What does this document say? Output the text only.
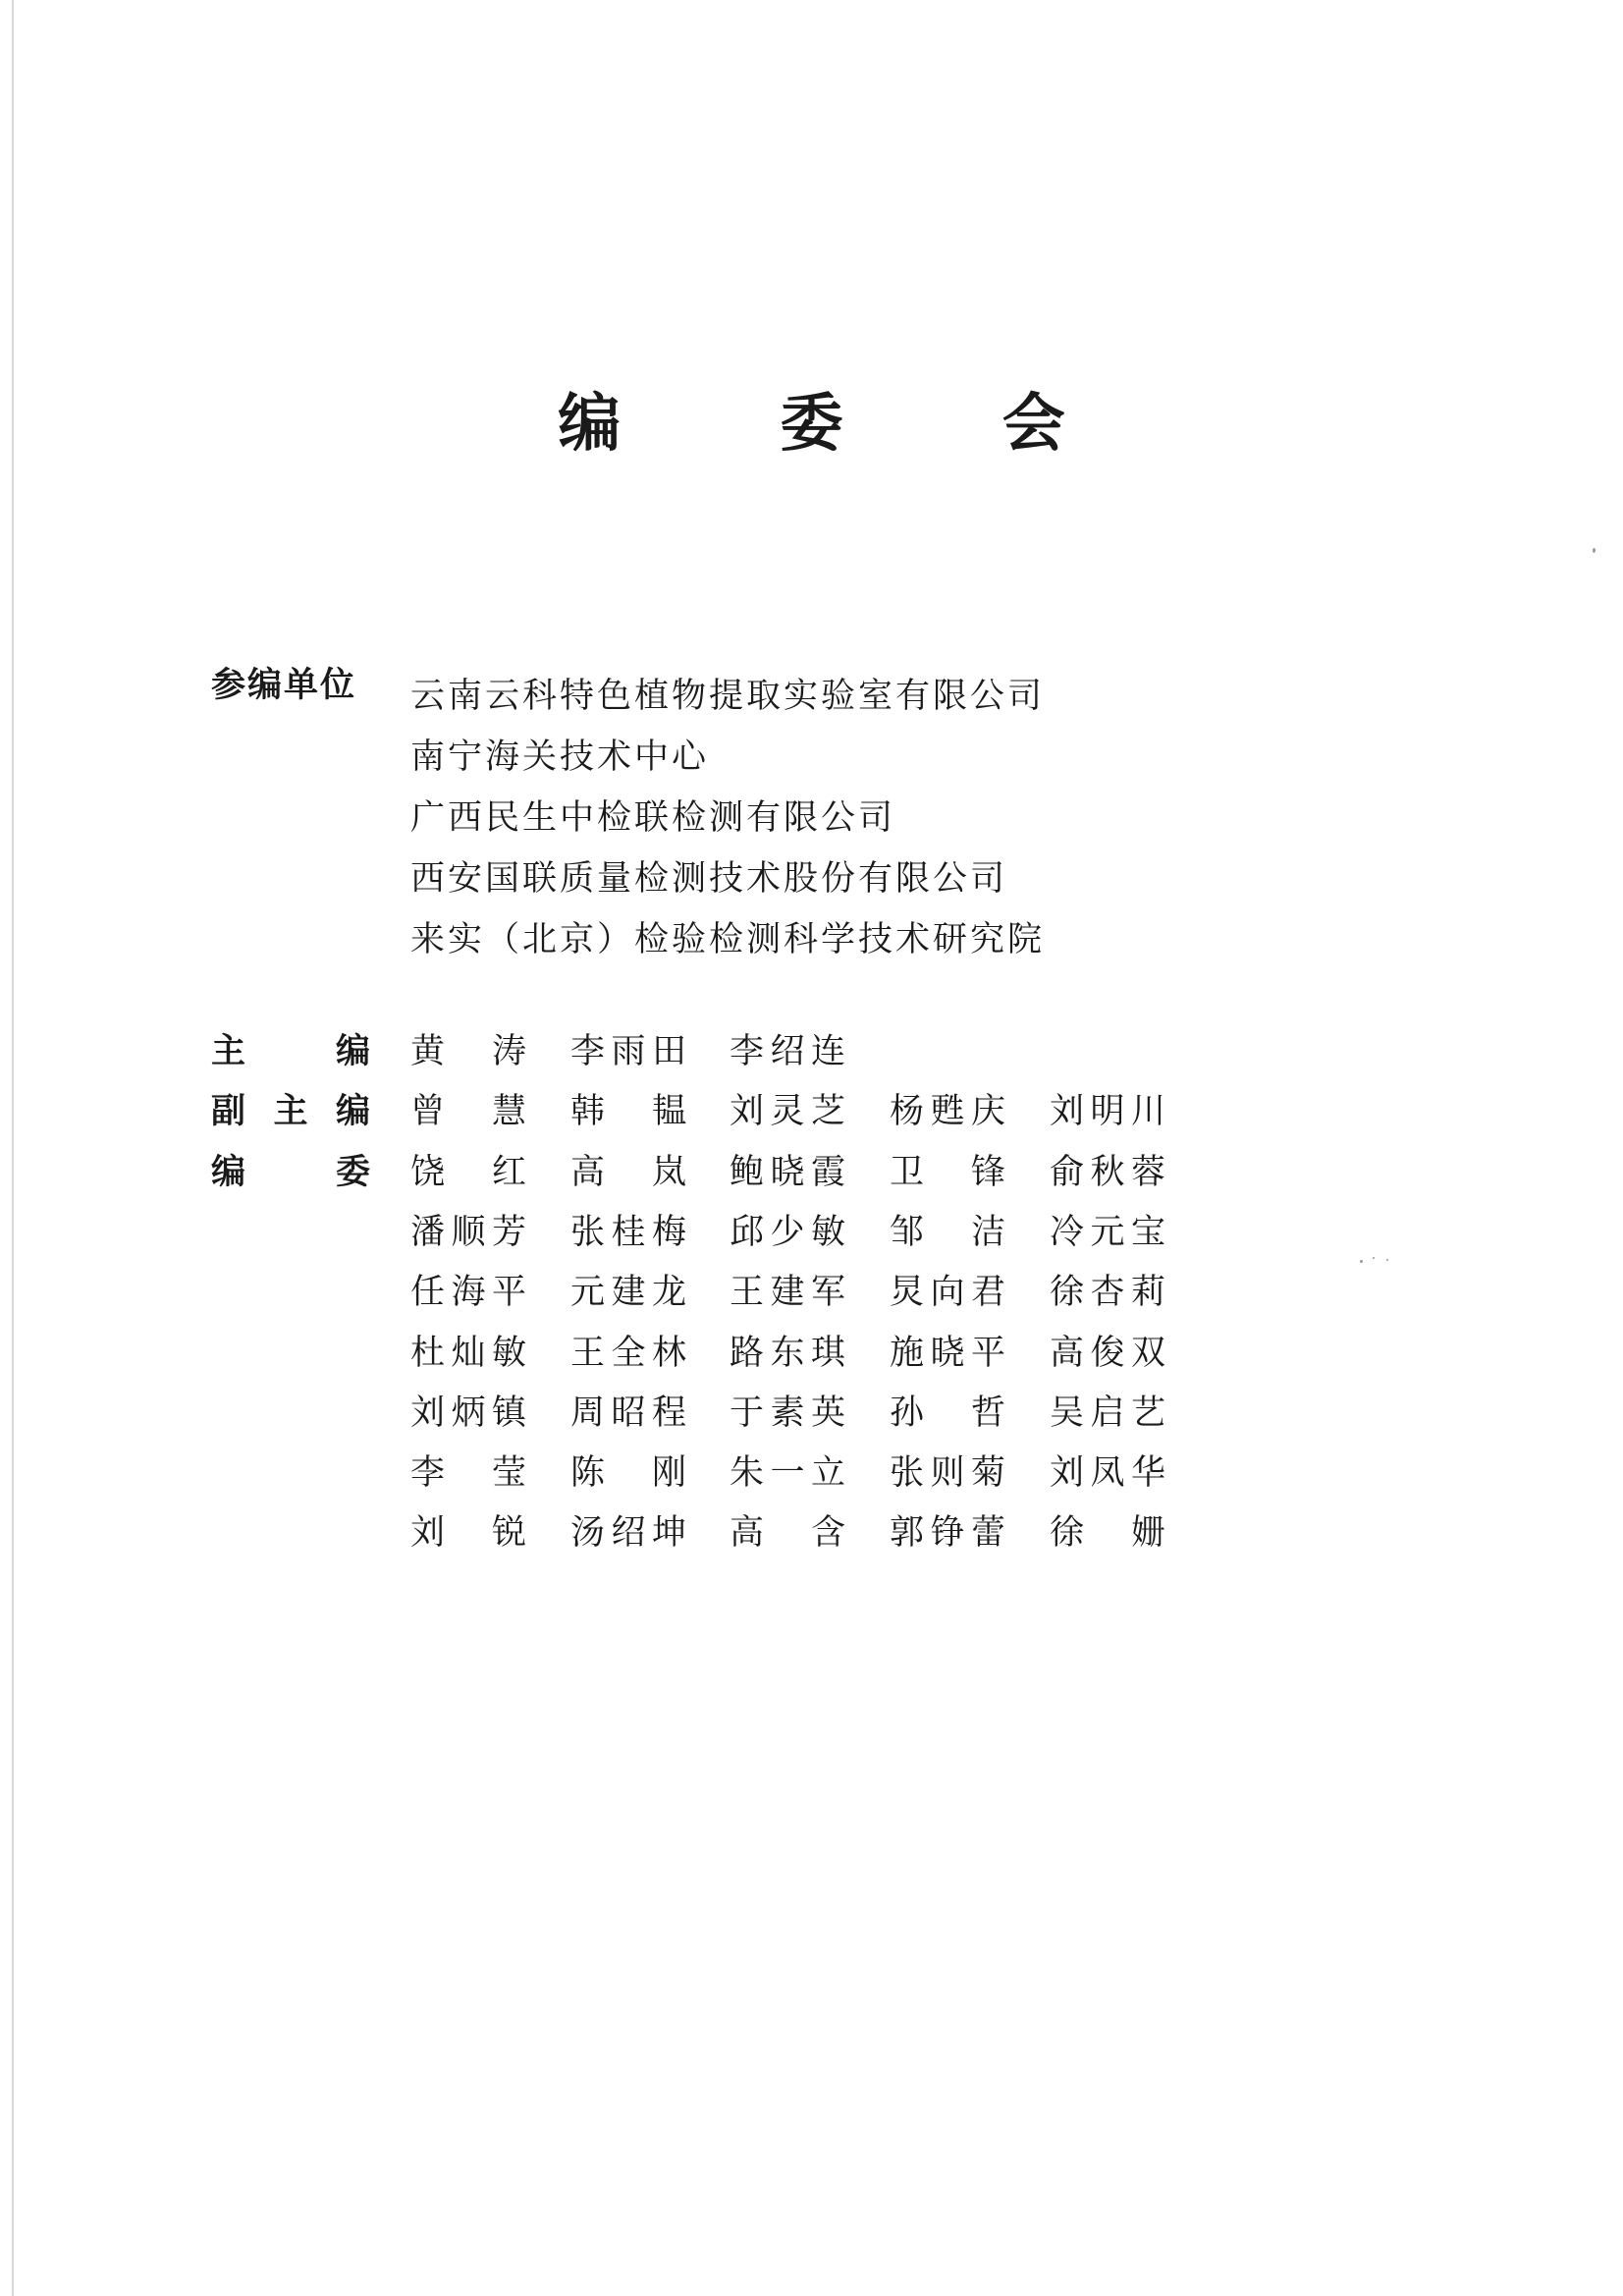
编 委 会
参编单位 云南云科特色植物提取实验室有限公司
南宁海关技术中心
广西民生中检联检测有限公司
西安国联质量检测技术股份有限公司
来实（北京）检验检测科学技术研究院
主	编 黄 涛 李 雨 田 李 绍 连
副 主 编 曾 慧 韩 韫 刘 灵 芝 杨 甦 庆 刘 明 川
编	委 饶 红 高 岚 鲍 晓 霞 卫 锋 俞 秋 蓉
潘 顺 芳 张 桂 梅 邱 少 敏 邹 洁 冷 元 宝
任 海 平 元 建 龙 王 建 军 炅 向 君 徐 杏 莉
杜 灿 敏 王 全 林 路 东 琪 施 晓 平 高 俊 双
刘 炳 镇 周 昭 程 于 素 英 孙 哲 吴 启 艺
李 莹 陈 刚 朱 一 立 张 则 菊 刘 凤 华
刘 锐 汤 绍 坤 高 含 郭 铮 蕾 徐 姗
